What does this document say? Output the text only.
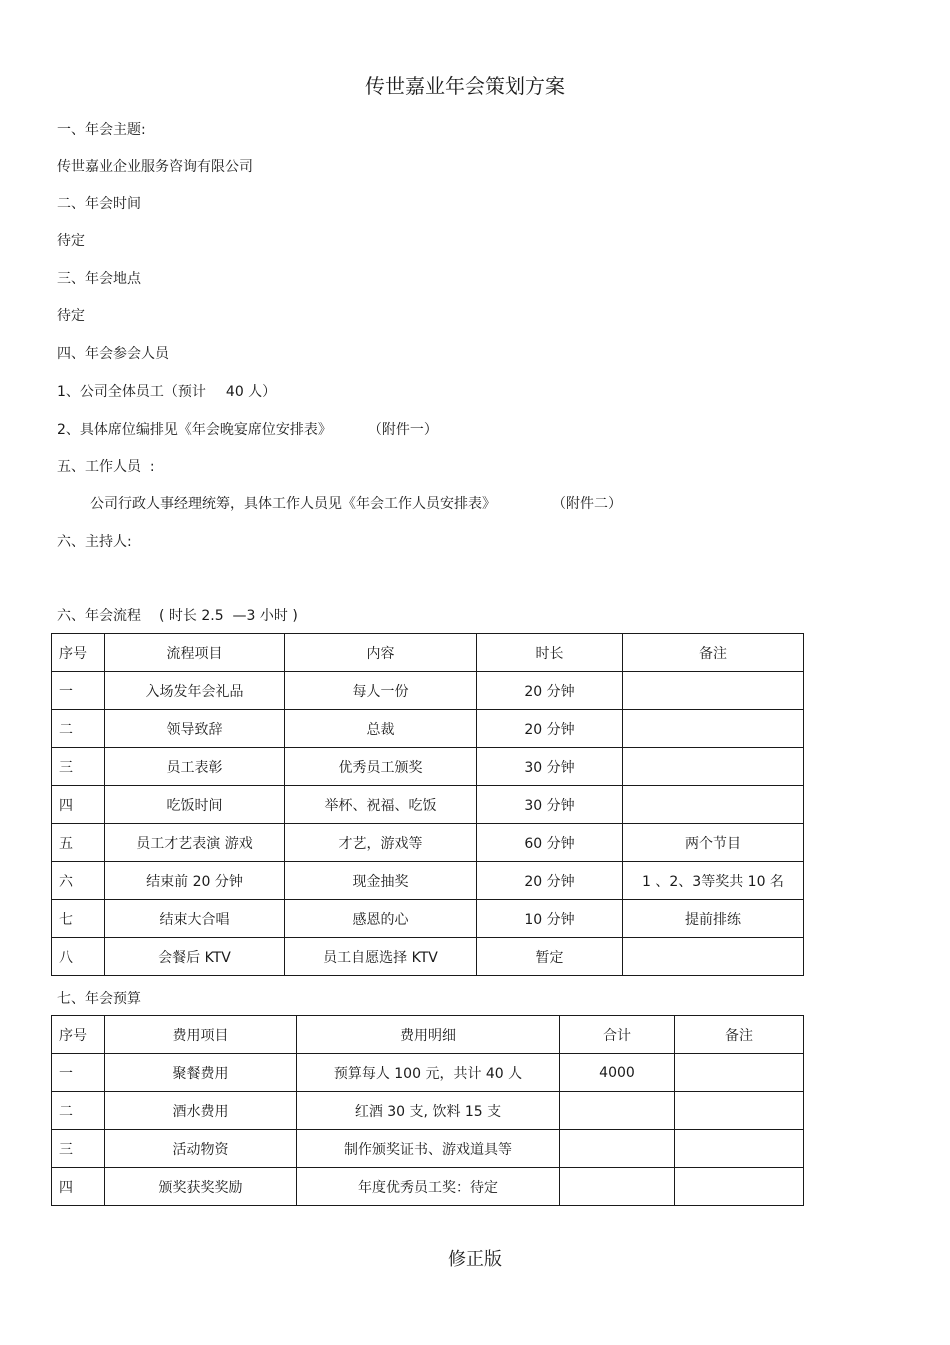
传世嘉业年会策划方案
一、年会主题:
传世嘉业企业服务咨询有限公司
二、年会时间
待定
三、年会地点
待定
四、年会参会人员
1、公司全体员工（预计 40 人）
2、具体席位编排见《年会晚宴席位安排表》	（附件一）
五、工作人员  :
公司行政人事经理统筹，具体工作人员见《年会工作人员安排表》	（附件二）
六、主持人:
六、年会流程 ( 时长 2.5  —3 小时 )
序号	流程项目	内容	时长	备注
一	入场发年会礼品	每人一份	20 分钟	
二	领导致辞	总裁	20 分钟	
三	员工表彰	优秀员工颁奖	30 分钟	
四	吃饭时间	举杯、祝福、吃饭	30 分钟	
五	员工才艺表演 游戏	才艺，游戏等	60 分钟	两个节目
六	结束前 20 分钟	现金抽奖	20 分钟	1 、2、3等奖共 10 名
七	结束大合唱	感恩的心	10 分钟	提前排练
八	会餐后 KTV	员工自愿选择 KTV	暂定	
七、年会预算
序号	费用项目	费用明细	合计	备注
一	聚餐费用	预算每人 100 元，共计 40 人	4000	
二	酒水费用	红酒 30 支, 饮料 15 支		
三	活动物资	制作颁奖证书、游戏道具等		
四	颁奖获奖奖励	年度优秀员工奖：待定		
修正版
